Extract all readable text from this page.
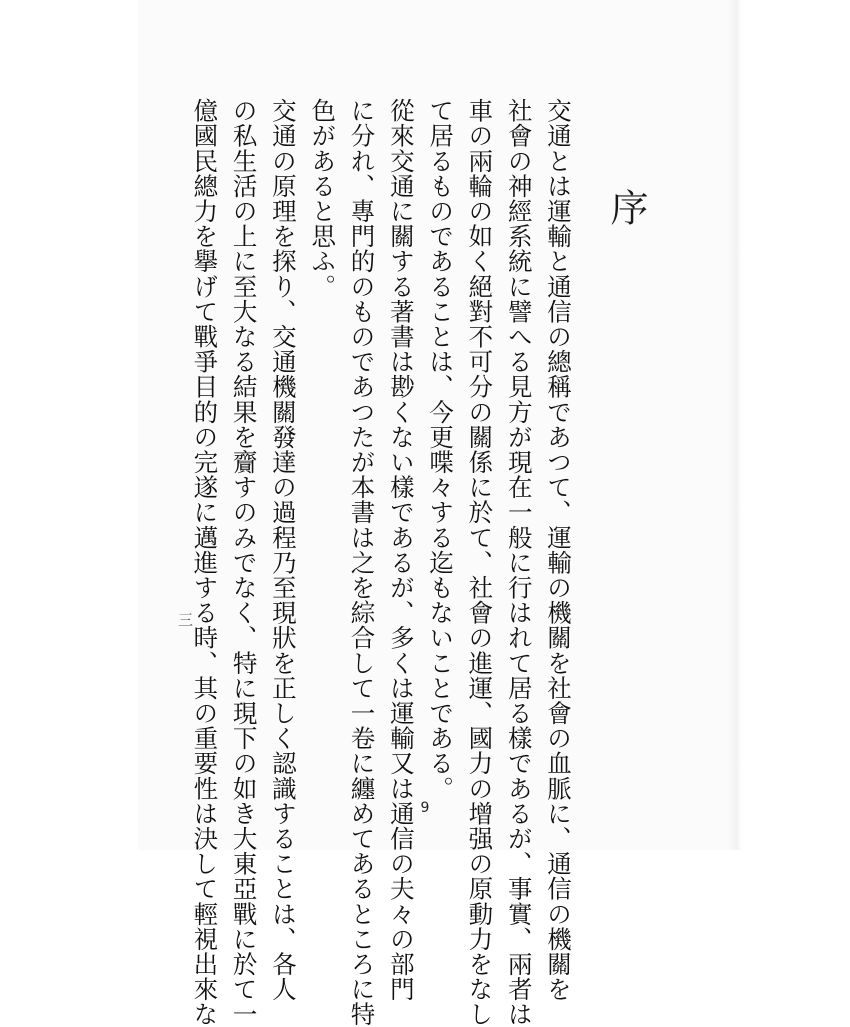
序
交通とは運輸と通信の總稱であつて、運輸の機關を社會の血脈に、通信の機關を
社會の神經系統に譬へる見方が現在一般に行はれて居る樣であるが、事實、兩者は
車の兩輪の如く絕對不可分の關係に於て、社會の進運、國力の增强の原動力をなし
て居るものであることは、今更喋々する迄もないことである。
從來交通に關する著書は尠くない樣であるが、多くは運輸又は通信の夫々の部門
に分れ、專門的のものであつたが本書は之を綜合して一卷に纏めてあるところに特
色があると思ふ。
交通の原理を探り、交通機關發達の過程乃至現狀を正しく認識することは、各人
の私生活の上に至大なる結果を齎すのみでなく、特に現下の如き大東亞戰に於て一
億國民總力を擧げて戰爭目的の完遂に邁進する時、其の重要性は決して輕視出來な
三
9
